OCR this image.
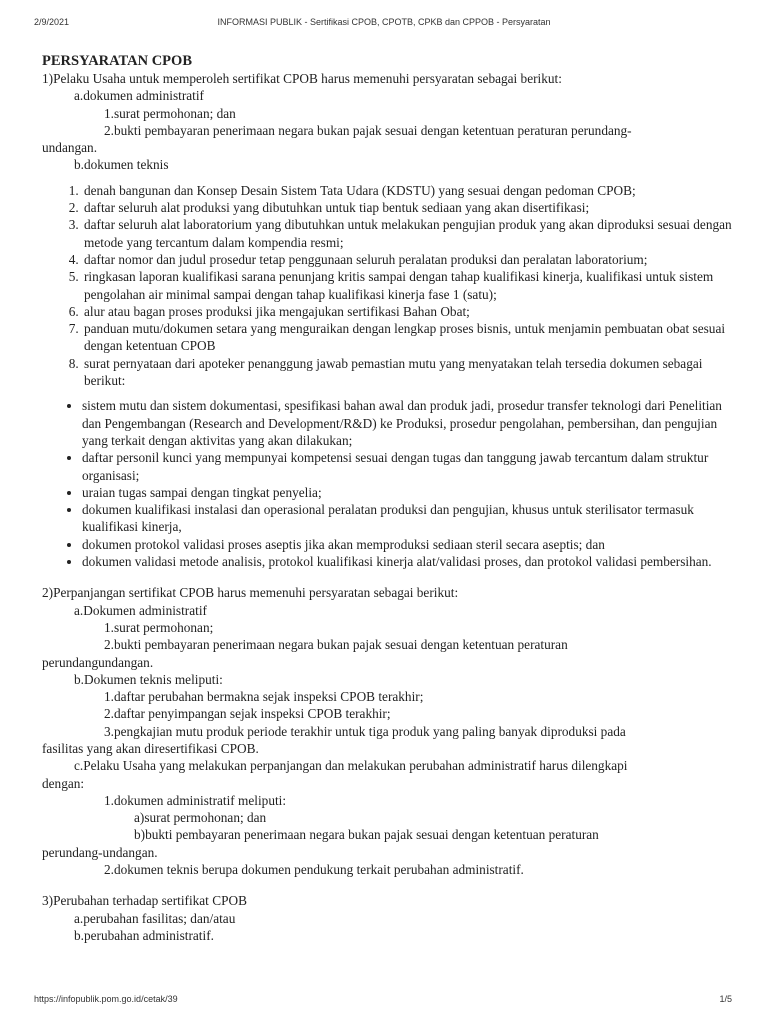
2/9/2021	INFORMASI PUBLIK - Sertifikasi CPOB, CPOTB, CPKB dan CPPOB - Persyaratan
PERSYARATAN CPOB
1)Pelaku Usaha untuk memperoleh sertifikat CPOB harus memenuhi persyaratan sebagai berikut:
a.dokumen administratif
1.surat permohonan; dan
2.bukti pembayaran penerimaan negara bukan pajak sesuai dengan ketentuan peraturan perundang-
undangan.
b.dokumen teknis
1. denah bangunan dan Konsep Desain Sistem Tata Udara (KDSTU) yang sesuai dengan pedoman CPOB;
2. daftar seluruh alat produksi yang dibutuhkan untuk tiap bentuk sediaan yang akan disertifikasi;
3. daftar seluruh alat laboratorium yang dibutuhkan untuk melakukan pengujian produk yang akan diproduksi sesuai dengan metode yang tercantum dalam kompendia resmi;
4. daftar nomor dan judul prosedur tetap penggunaan seluruh peralatan produksi dan peralatan laboratorium;
5. ringkasan laporan kualifikasi sarana penunjang kritis sampai dengan tahap kualifikasi kinerja, kualifikasi untuk sistem pengolahan air minimal sampai dengan tahap kualifikasi kinerja fase 1 (satu);
6. alur atau bagan proses produksi jika mengajukan sertifikasi Bahan Obat;
7. panduan mutu/dokumen setara yang menguraikan dengan lengkap proses bisnis, untuk menjamin pembuatan obat sesuai dengan ketentuan CPOB
8. surat pernyataan dari apoteker penanggung jawab pemastian mutu yang menyatakan telah tersedia dokumen sebagai berikut:
• sistem mutu dan sistem dokumentasi, spesifikasi bahan awal dan produk jadi, prosedur transfer teknologi dari Penelitian dan Pengembangan (Research and Development/R&D) ke Produksi, prosedur pengolahan, pembersihan, dan pengujian yang terkait dengan aktivitas yang akan dilakukan;
• daftar personil kunci yang mempunyai kompetensi sesuai dengan tugas dan tanggung jawab tercantum dalam struktur organisasi;
• uraian tugas sampai dengan tingkat penyelia;
• dokumen kualifikasi instalasi dan operasional peralatan produksi dan pengujian, khusus untuk sterilisator termasuk kualifikasi kinerja,
• dokumen protokol validasi proses aseptis jika akan memproduksi sediaan steril secara aseptis; dan
• dokumen validasi metode analisis, protokol kualifikasi kinerja alat/validasi proses, dan protokol validasi pembersihan.
2)Perpanjangan sertifikat CPOB harus memenuhi persyaratan sebagai berikut:
a.Dokumen administratif
1.surat permohonan;
2.bukti pembayaran penerimaan negara bukan pajak sesuai dengan ketentuan peraturan
perundangundangan.
b.Dokumen teknis meliputi:
1.daftar perubahan bermakna sejak inspeksi CPOB terakhir;
2.daftar penyimpangan sejak inspeksi CPOB terakhir;
3.pengkajian mutu produk periode terakhir untuk tiga produk yang paling banyak diproduksi pada
fasilitas yang akan diresertifikasi CPOB.
c.Pelaku Usaha yang melakukan perpanjangan dan melakukan perubahan administratif harus dilengkapi
dengan:
1.dokumen administratif meliputi:
a)surat permohonan; dan
b)bukti pembayaran penerimaan negara bukan pajak sesuai dengan ketentuan peraturan
perundang-undangan.
2.dokumen teknis berupa dokumen pendukung terkait perubahan administratif.
3)Perubahan terhadap sertifikat CPOB
a.perubahan fasilitas; dan/atau
b.perubahan administratif.
https://infopublik.pom.go.id/cetak/39	1/5
